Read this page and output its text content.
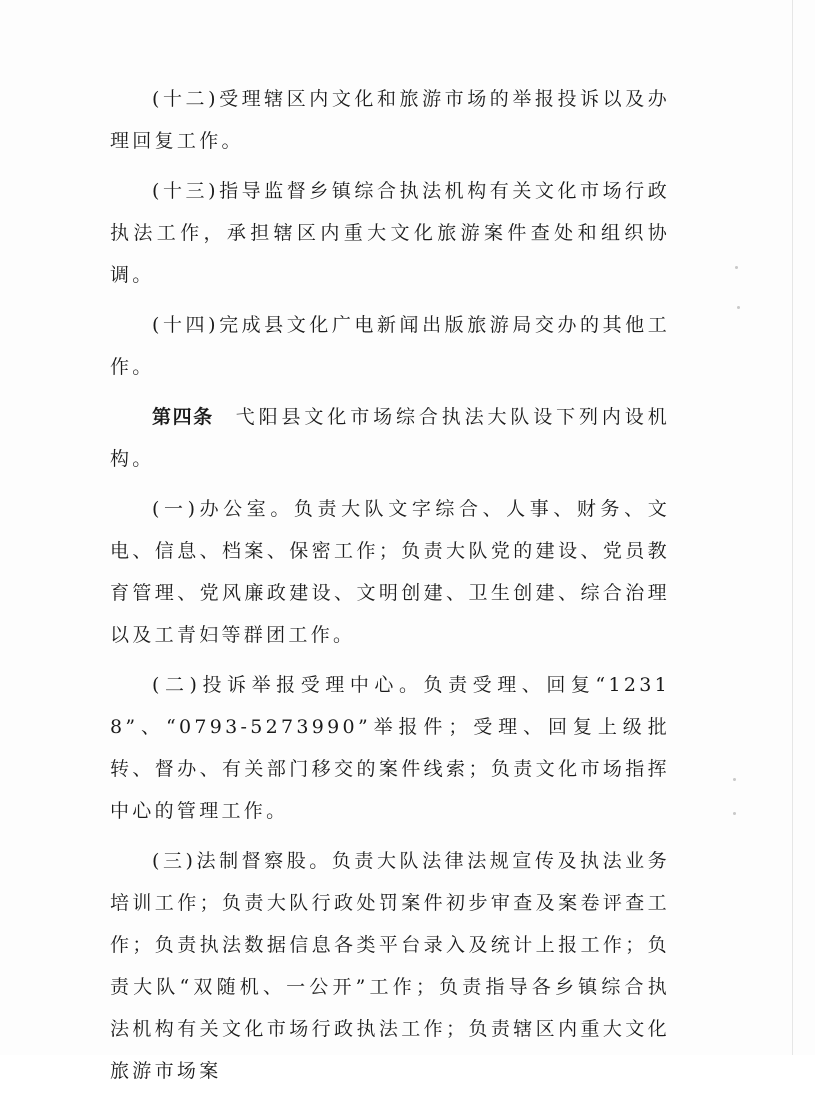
(十二)受理辖区内文化和旅游市场的举报投诉以及办理回复工作。

(十三)指导监督乡镇综合执法机构有关文化市场行政执法工作，承担辖区内重大文化旅游案件查处和组织协调。

(十四)完成县文化广电新闻出版旅游局交办的其他工作。

第四条 弋阳县文化市场综合执法大队设下列内设机构。

(一)办公室。负责大队文字综合、人事、财务、文电、信息、档案、保密工作；负责大队党的建设、党员教育管理、党风廉政建设、文明创建、卫生创建、综合治理以及工青妇等群团工作。

(二)投诉举报受理中心。负责受理、回复“12318”、“0793-5273990”举报件；受理、回复上级批转、督办、有关部门移交的案件线索；负责文化市场指挥中心的管理工作。

(三)法制督察股。负责大队法律法规宣传及执法业务培训工作；负责大队行政处罚案件初步审查及案卷评查工作；负责执法数据信息各类平台录入及统计上报工作；负责大队“双随机、一公开”工作；负责指导各乡镇综合执法机构有关文化市场行政执法工作；负责辖区内重大文化旅游市场案
